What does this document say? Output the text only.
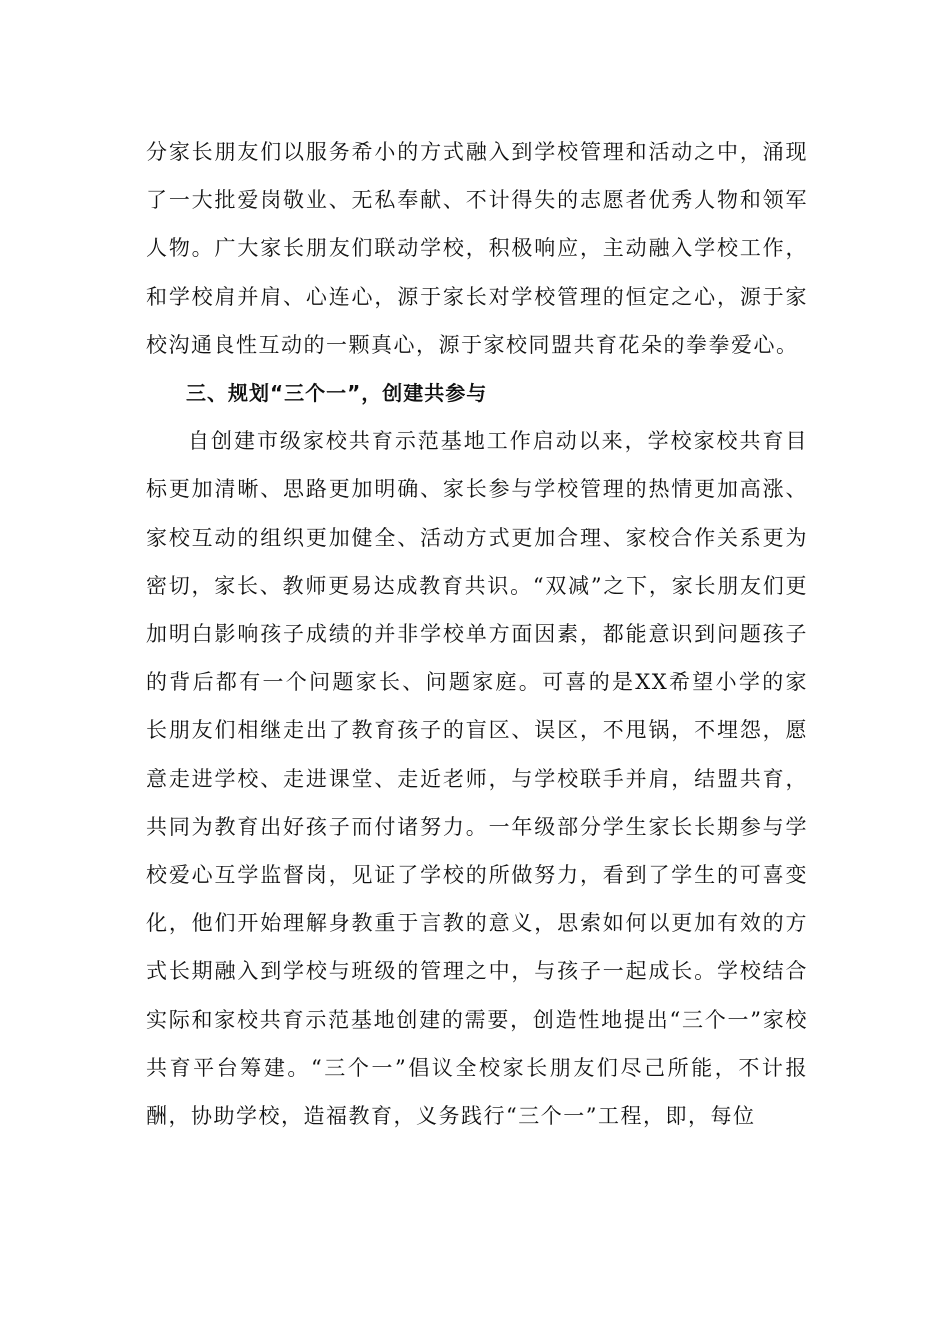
分家长朋友们以服务希小的方式融入到学校管理和活动之中，涌现了一大批爱岗敬业、无私奉献、不计得失的志愿者优秀人物和领军人物。广大家长朋友们联动学校，积极响应，主动融入学校工作，和学校肩并肩、心连心，源于家长对学校管理的恒定之心，源于家校沟通良性互动的一颗真心，源于家校同盟共育花朵的拳拳爱心。

三、规划“三个一”，创建共参与

自创建市级家校共育示范基地工作启动以来，学校家校共育目标更加清晰、思路更加明确、家长参与学校管理的热情更加高涨、家校互动的组织更加健全、活动方式更加合理、家校合作关系更为密切，家长、教师更易达成教育共识。“双减”之下，家长朋友们更加明白影响孩子成绩的并非学校单方面因素，都能意识到问题孩子的背后都有一个问题家长、问题家庭。可喜的是XX希望小学的家长朋友们相继走出了教育孩子的盲区、误区，不甩锅，不埋怨，愿意走进学校、走进课堂、走近老师，与学校联手并肩，结盟共育，共同为教育出好孩子而付诸努力。一年级部分学生家长长期参与学校爱心互学监督岗，见证了学校的所做努力，看到了学生的可喜变化，他们开始理解身教重于言教的意义，思索如何以更加有效的方式长期融入到学校与班级的管理之中，与孩子一起成长。学校结合实际和家校共育示范基地创建的需要，创造性地提出“三个一”家校共育平台筹建。“三个一”倡议全校家长朋友们尽己所能，不计报酬，协助学校，造福教育，义务践行“三个一”工程，即，每位
